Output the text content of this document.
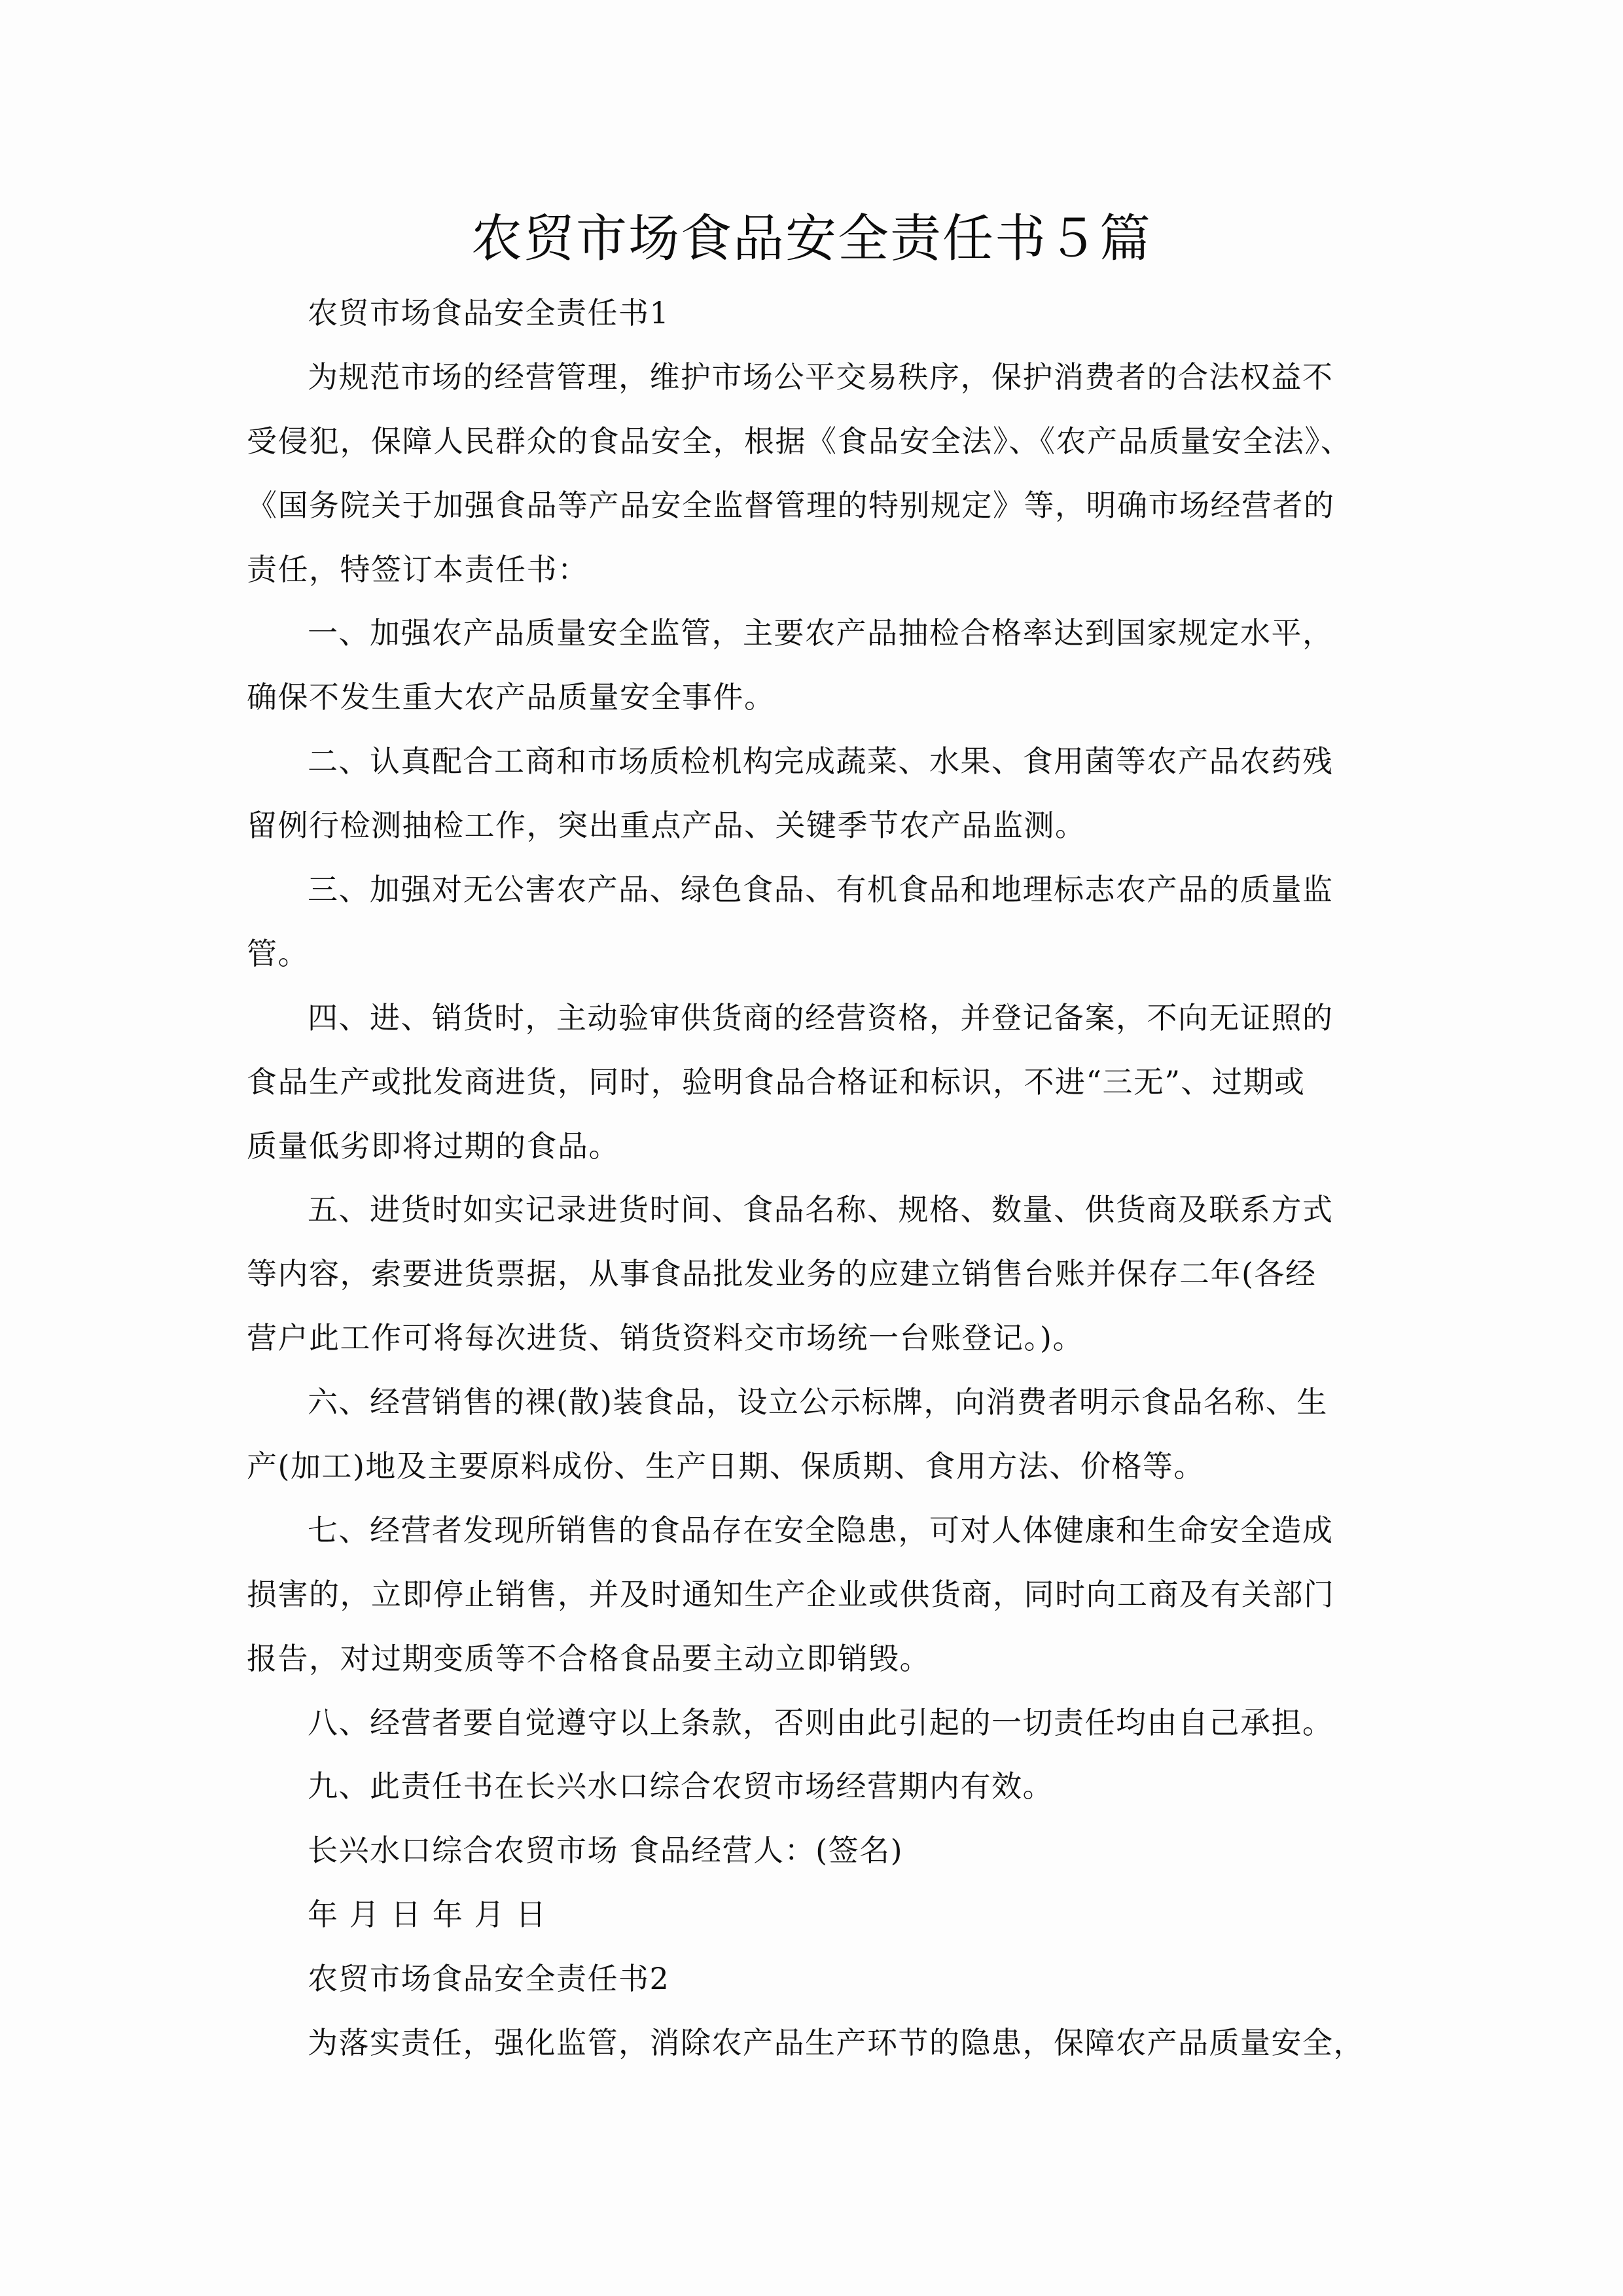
农贸市场食品安全责任书５篇
农贸市场食品安全责任书1
为规范市场的经营管理，维护市场公平交易秩序，保护消费者的合法权益不
受侵犯，保障人民群众的食品安全，根据《食品安全法》、《农产品质量安全法》、
《国务院关于加强食品等产品安全监督管理的特别规定》等，明确市场经营者的
责任，特签订本责任书：
一、加强农产品质量安全监管，主要农产品抽检合格率达到国家规定水平，
确保不发生重大农产品质量安全事件。
二、认真配合工商和市场质检机构完成蔬菜、水果、食用菌等农产品农药残
留例行检测抽检工作，突出重点产品、关键季节农产品监测。
三、加强对无公害农产品、绿色食品、有机食品和地理标志农产品的质量监
管。
四、进、销货时，主动验审供货商的经营资格，并登记备案，不向无证照的
食品生产或批发商进货，同时，验明食品合格证和标识，不进“三无”、过期或
质量低劣即将过期的食品。
五、进货时如实记录进货时间、食品名称、规格、数量、供货商及联系方式
等内容，索要进货票据，从事食品批发业务的应建立销售台账并保存二年(各经
营户此工作可将每次进货、销货资料交市场统一台账登记。)。
六、经营销售的裸(散)装食品，设立公示标牌，向消费者明示食品名称、生
产(加工)地及主要原料成份、生产日期、保质期、食用方法、价格等。
七、经营者发现所销售的食品存在安全隐患，可对人体健康和生命安全造成
损害的，立即停止销售，并及时通知生产企业或供货商，同时向工商及有关部门
报告，对过期变质等不合格食品要主动立即销毁。
八、经营者要自觉遵守以上条款，否则由此引起的一切责任均由自己承担。
九、此责任书在长兴水口综合农贸市场经营期内有效。
长兴水口综合农贸市场 食品经营人：(签名)
年 月 日 年 月 日
农贸市场食品安全责任书2
为落实责任，强化监管，消除农产品生产环节的隐患，保障农产品质量安全，
